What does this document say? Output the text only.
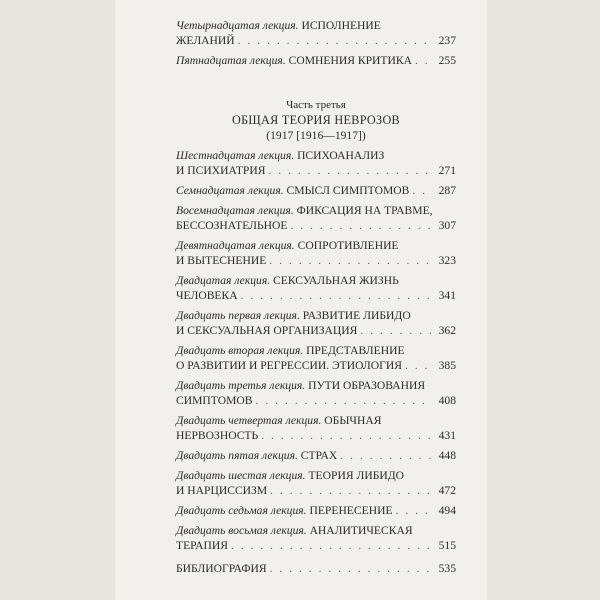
Четырнадцатая лекция. ИСПОЛНЕНИЕ
ЖЕЛАНИЙ . . .	237
Пятнадцатая лекция. СОМНЕНИЯ КРИТИКА . . .	255
Часть третья
ОБЩАЯ ТЕОРИЯ НЕВРОЗОВ
(1917 [1916—1917])
Шестнадцатая лекция. ПСИХОАНАЛИЗ
И ПСИХИАТРИЯ . . .	271
Семнадцатая лекция. СМЫСЛ СИМПТОМОВ . . .	287
Восемнадцатая лекция. ФИКСАЦИЯ НА ТРАВМЕ,
БЕССОЗНАТЕЛЬНОЕ . . .	307
Девятнадцатая лекция. СОПРОТИВЛЕНИЕ
И ВЫТЕСНЕНИЕ . . .	323
Двадцатая лекция. СЕКСУАЛЬНАЯ ЖИЗНЬ
ЧЕЛОВЕКА . . .	341
Двадцать первая лекция. РАЗВИТИЕ ЛИБИДО
И СЕКСУАЛЬНАЯ ОРГАНИЗАЦИЯ . . .	362
Двадцать вторая лекция. ПРЕДСТАВЛЕНИЕ
О РАЗВИТИИ И РЕГРЕССИИ. ЭТИОЛОГИЯ . . .	385
Двадцать третья лекция. ПУТИ ОБРАЗОВАНИЯ
СИМПТОМОВ . . .	408
Двадцать четвертая лекция. ОБЫЧНАЯ
НЕРВОЗНОСТЬ . . .	431
Двадцать пятая лекция. СТРАХ . . .	448
Двадцать шестая лекция. ТЕОРИЯ ЛИБИДО
И НАРЦИССИЗМ . . .	472
Двадцать седьмая лекция. ПЕРЕНЕСЕНИЕ . . .	494
Двадцать восьмая лекция. АНАЛИТИЧЕСКАЯ
ТЕРАПИЯ . . .	515
БИБЛИОГРАФИЯ . . .	535
